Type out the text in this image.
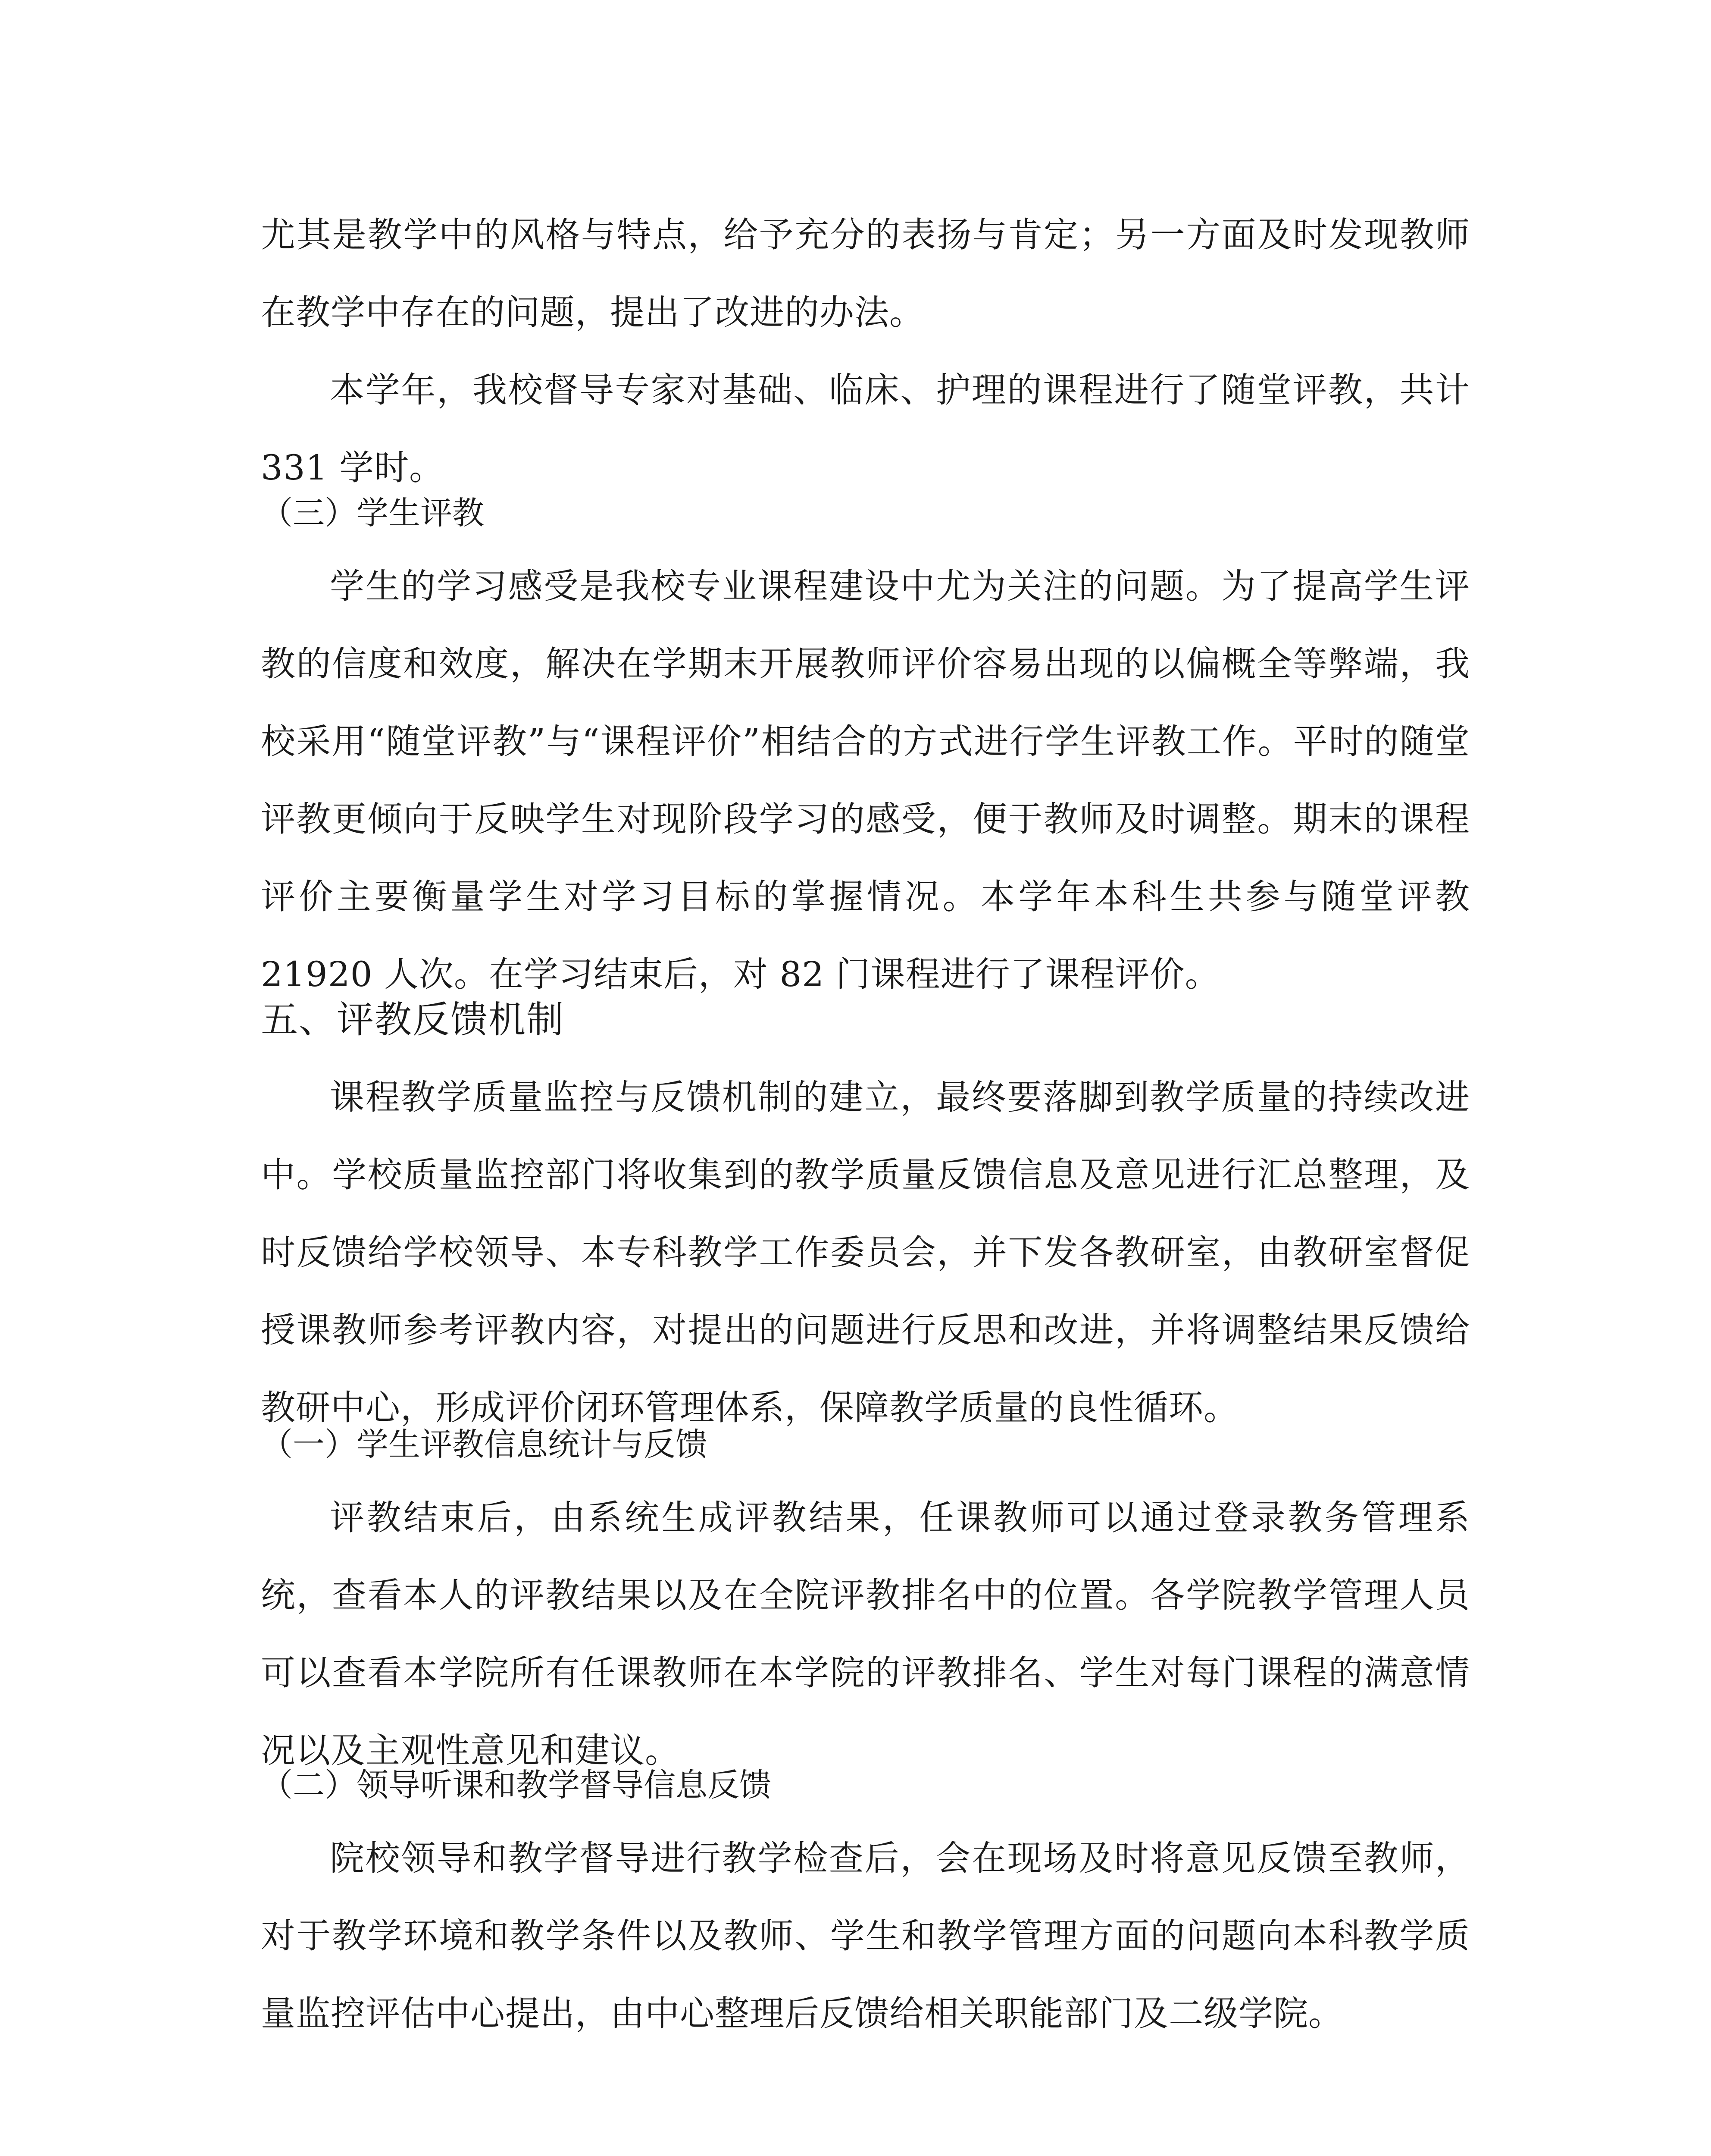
尤其是教学中的风格与特点，给予充分的表扬与肯定；另一方面及时发现教师在教学中存在的问题，提出了改进的办法。

本学年，我校督导专家对基础、临床、护理的课程进行了随堂评教，共计 331 学时。

（三）学生评教

学生的学习感受是我校专业课程建设中尤为关注的问题。为了提高学生评教的信度和效度，解决在学期末开展教师评价容易出现的以偏概全等弊端，我校采用“随堂评教”与“课程评价”相结合的方式进行学生评教工作。平时的随堂评教更倾向于反映学生对现阶段学习的感受，便于教师及时调整。期末的课程评价主要衡量学生对学习目标的掌握情况。本学年本科生共参与随堂评教 21920 人次。在学习结束后，对 82 门课程进行了课程评价。

五、评教反馈机制

课程教学质量监控与反馈机制的建立，最终要落脚到教学质量的持续改进中。学校质量监控部门将收集到的教学质量反馈信息及意见进行汇总整理，及时反馈给学校领导、本专科教学工作委员会，并下发各教研室，由教研室督促授课教师参考评教内容，对提出的问题进行反思和改进，并将调整结果反馈给教研中心，形成评价闭环管理体系，保障教学质量的良性循环。

（一）学生评教信息统计与反馈

评教结束后，由系统生成评教结果，任课教师可以通过登录教务管理系统，查看本人的评教结果以及在全院评教排名中的位置。各学院教学管理人员可以查看本学院所有任课教师在本学院的评教排名、学生对每门课程的满意情况以及主观性意见和建议。

（二）领导听课和教学督导信息反馈

院校领导和教学督导进行教学检查后，会在现场及时将意见反馈至教师，对于教学环境和教学条件以及教师、学生和教学管理方面的问题向本科教学质量监控评估中心提出，由中心整理后反馈给相关职能部门及二级学院。
